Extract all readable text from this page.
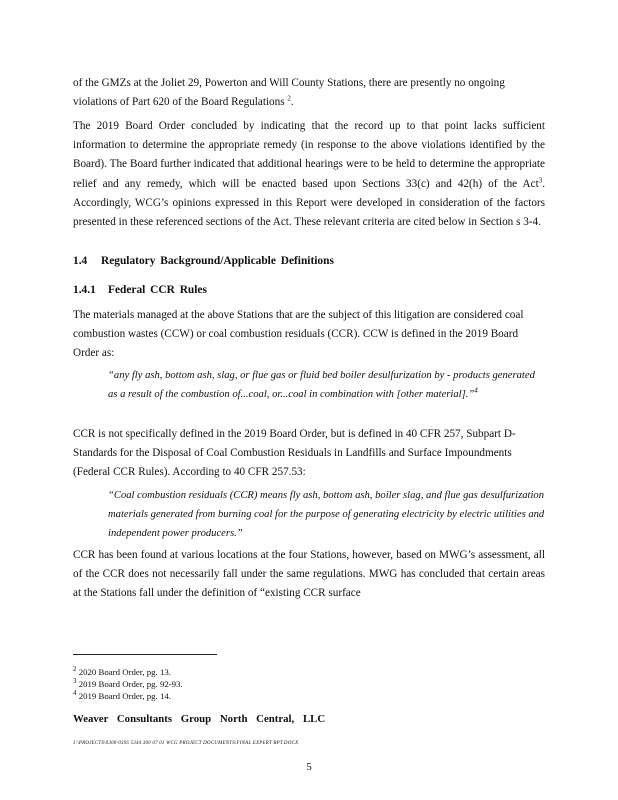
of the GMZs at the Joliet 29, Powerton and Will County Stations, there are presently no ongoing
violations of Part 620 of the Board Regulations $^2$.

The 2019 Board Order concluded by indicating that the record up to that point lacks sufficient information to determine the appropriate remedy (in response to the above violations identified by the Board). The Board further indicated that additional hearings were to be held to determine the appropriate relief and any remedy, which will be enacted based upon Sections 33(c) and 42(h) of the Act$^3$. Accordingly, WCG’s opinions expressed in this Report were developed in consideration of the factors presented in these referenced sections of the Act. These relevant criteria are cited below in Section s 3-4.

1.4 Regulatory Background/Applicable Definitions

1.4.1 Federal CCR Rules

The materials managed at the above Stations that are the subject of this litigation are considered coal combustion wastes (CCW) or coal combustion residuals (CCR). CCW is defined in the 2019 Board Order as:

“any fly ash, bottom ash, slag, or flue gas or fluid bed boiler desulfurization by - products generated as a result of the combustion of...coal, or...coal in combination with [other material].”$^4$

CCR is not specifically defined in the 2019 Board Order, but is defined in 40 CFR 257, Subpart D-Standards for the Disposal of Coal Combustion Residuals in Landfills and Surface Impoundments (Federal CCR Rules). According to 40 CFR 257.53:

“Coal combustion residuals (CCR) means fly ash, bottom ash, boiler slag, and flue gas desulfurization materials generated from burning coal for the purpose of generating electricity by electric utilities and independent power producers.”

CCR has been found at various locations at the four Stations, however, based on MWG’s assessment, all of the CCR does not necessarily fall under the same regulations. MWG has concluded that certain areas at the Stations fall under the definition of “existing CCR surface

$^2$ 2020 Board Order, pg. 13.

$^3$ 2019 Board Order, pg. 92-93.

$^4$ 2019 Board Order, pg. 14.

Weaver Consultants Group North Central, LLC

J:\PROJECTS\0300-0395 5344 300 07 01 WCG PROJECT DOCUMENTS\FINAL EXPERT RPT.DOCX

5
